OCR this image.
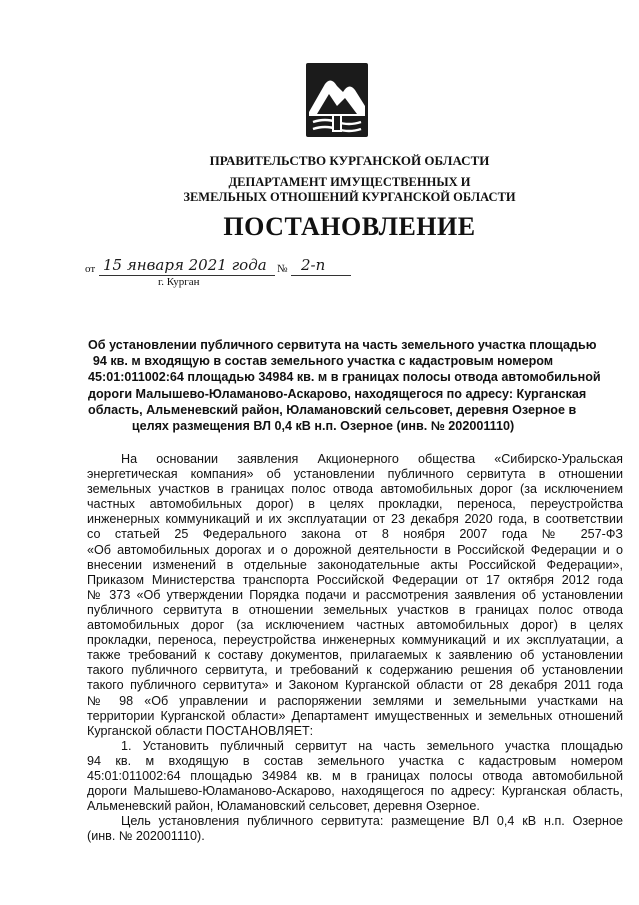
ПРАВИТЕЛЬСТВО КУРГАНСКОЙ ОБЛАСТИ
ДЕПАРТАМЕНТ ИМУЩЕСТВЕННЫХ И
ЗЕМЕЛЬНЫХ ОТНОШЕНИЙ КУРГАНСКОЙ ОБЛАСТИ
ПОСТАНОВЛЕНИЕ
от 15 января 2021 года № 2-п
г. Курган
Об установлении публичного сервитута на часть земельного участка площадью
94 кв. м входящую в состав земельного участка с кадастровым номером
45:01:011002:64 площадью 34984 кв. м в границах полосы отвода автомобильной
дороги Малышево-Юламаново-Аскарово, находящегося по адресу: Курганская
область, Альменевский район, Юламановский сельсовет, деревня Озерное в
целях размещения ВЛ 0,4 кВ н.п. Озерное (инв. № 202001110)
На основании заявления Акционерного общества «Сибирско-Уральская
энергетическая компания» об установлении публичного сервитута в отношении
земельных участков в границах полос отвода автомобильных дорог (за исключением
частных автомобильных дорог) в целях прокладки, переноса, переустройства
инженерных коммуникаций и их эксплуатации от 23 декабря 2020 года, в соответствии
со статьей 25 Федерального закона от 8 ноября 2007 года № 257-ФЗ
«Об автомобильных дорогах и о дорожной деятельности в Российской Федерации и о
внесении изменений в отдельные законодательные акты Российской Федерации»,
Приказом Министерства транспорта Российской Федерации от 17 октября 2012 года
№ 373 «Об утверждении Порядка подачи и рассмотрения заявления об установлении
публичного сервитута в отношении земельных участков в границах полос отвода
автомобильных дорог (за исключением частных автомобильных дорог) в целях
прокладки, переноса, переустройства инженерных коммуникаций и их эксплуатации, а
также требований к составу документов, прилагаемых к заявлению об установлении
такого публичного сервитута, и требований к содержанию решения об установлении
такого публичного сервитута» и Законом Курганской области от 28 декабря 2011 года
№ 98 «Об управлении и распоряжении землями и земельными участками на
территории Курганской области» Департамент имущественных и земельных отношений
Курганской области ПОСТАНОВЛЯЕТ:
1. Установить публичный сервитут на часть земельного участка площадью
94 кв. м входящую в состав земельного участка с кадастровым номером
45:01:011002:64 площадью 34984 кв. м в границах полосы отвода автомобильной
дороги Малышево-Юламаново-Аскарово, находящегося по адресу: Курганская область,
Альменевский район, Юламановский сельсовет, деревня Озерное.
Цель установления публичного сервитута: размещение ВЛ 0,4 кВ н.п. Озерное
(инв. № 202001110).
